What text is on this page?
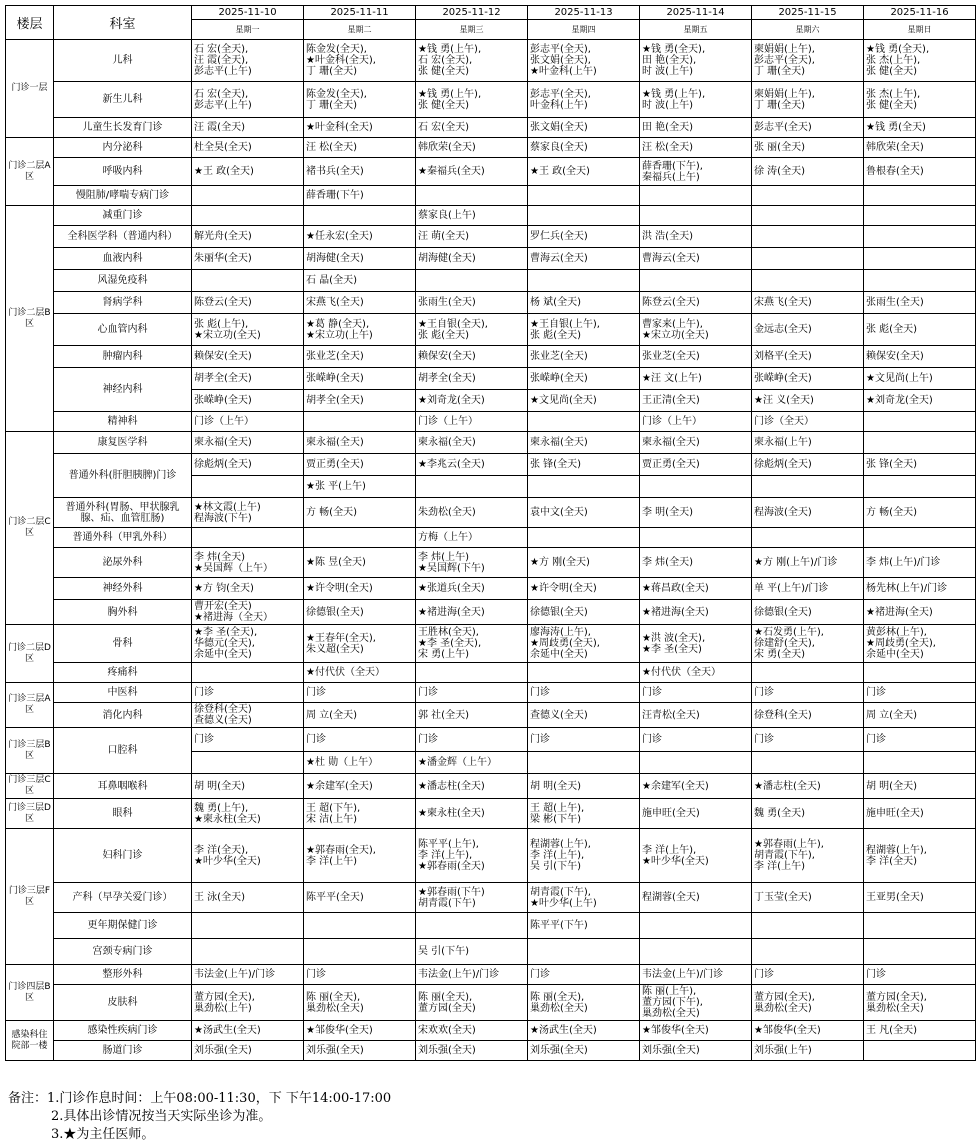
楼层	科室	2025-11-10	2025-11-11	2025-11-12	2025-11-13	2025-11-14	2025-11-15	2025-11-16
		星期一	星期二	星期三	星期四	星期五	星期六	星期日
门诊一层	儿科	石 宏(全天),
汪 霞(全天),
彭志平(上午)	陈金发(全天),
★叶金科(全天),
丁 珊(全天)	★钱 勇(上午),
石 宏(全天),
张 健(全天)	彭志平(全天),
张文娟(全天),
★叶金科(上午)	★钱 勇(全天),
田 艳(全天),
时 波(上午)	柬娟娟(上午),
彭志平(全天),
丁 珊(全天)	★钱 勇(全天),
张 杰(上午),
张 健(全天)

	新生儿科	石 宏(全天),
彭志平(上午)	陈金发(全天),
丁 珊(全天)	★钱 勇(上午),
张 健(全天)	彭志平(全天),
叶金科(上午)	★钱 勇(上午),
时 波(上午)	柬娟娟(上午),
丁 珊(全天)	张 杰(上午),
张 健(全天)

	儿童生长发育门诊	汪 霞(全天)	★叶金科(全天)	石 宏(全天)	张文娟(全天)	田 艳(全天)	彭志平(全天)	★钱 勇(全天)

门诊二层A区	内分泌科	杜全昊(全天)	汪 松(全天)	韩欣荣(全天)	蔡家良(全天)	汪 松(全天)	张 丽(全天)	韩欣荣(全天)

	呼吸内科	★王 政(全天)	褚书兵(全天)	★秦福兵(全天)	★王 政(全天)	薛香珊(下午),
秦福兵(上午)	徐 涛(全天)	鲁根春(全天)

	慢阻肺/哮喘专病门诊		薛香珊(下午)					

门诊二层B区	减重门诊			蔡家良(上午)				

	全科医学科（普通内科）	解光舟(全天)	★任永宏(全天)	汪 萌(全天)	罗仁兵(全天)	洪 浩(全天)		

	血液内科	朱丽华(全天)	胡海健(全天)	胡海健(全天)	曹海云(全天)	曹海云(全天)		

	风湿免疫科		石 晶(全天)					

	肾病学科	陈登云(全天)	宋燕飞(全天)	张雨生(全天)	杨 斌(全天)	陈登云(全天)	宋燕飞(全天)	张雨生(全天)

	心血管内科	张 彪(上午),
★宋立功(全天)	★葛 静(全天),
★宋立功(上午)	★王自银(全天),
张 彪(全天)	★王自银(上午),
张 彪(全天)	曹家来(上午),
★宋立功(全天)	金远志(全天)	张 彪(全天)

	肿瘤内科	赖保安(全天)	张业芝(全天)	赖保安(全天)	张业芝(全天)	张业芝(全天)	刘格平(全天)	赖保安(全天)

	神经内科	胡孝全(全天)	张嵘峥(全天)	胡孝全(全天)	张嵘峥(全天)	★汪 文(上午)	张嵘峥(全天)	★文见尚(上午)

		张嵘峥(全天)	胡孝全(全天)	★刘奇龙(全天)	★文见尚(全天)	王正清(全天)	★汪 义(全天)	★刘奇龙(全天)

	精神科	门诊（上午）		门诊（上午）		门诊（上午）	门诊（全天）	

门诊二层C区	康复医学科	柬永福(全天)	柬永福(全天)	柬永福(全天)	柬永福(全天)	柬永福(全天)	柬永福(上午)	

	普通外科(肝胆胰脾)门诊	徐彪炳(全天)	贾正勇(全天)	★李兆云(全天)	张 锋(全天)	贾正勇(全天)	徐彪炳(全天)	张 锋(全天)

			★张 平(上午)					

	普通外科(胃肠、甲状腺乳腺、疝、血管肛肠)	★林文霞(上午)
程海波(下午)	方 畅(全天)	朱劲松(全天)	袁中文(全天)	李 明(全天)	程海波(全天)	方 畅(全天)

	普通外科（甲乳外科）			方梅（上午）				

	泌尿外科	李 炜(全天)
★吴国辉（上午）	★陈 昱(全天)	李 炜(上午)
★吴国辉(下午)	★方 刚(全天)	李 炜(全天)	★方 刚(上午)/门诊	李 炜(上午)/门诊

	神经外科	★方 钧(全天)	★许令明(全天)	★张道兵(全天)	★许令明(全天)	★蒋昌政(全天)	单 平(上午)/门诊	杨先林(上午)/门诊

	胸外科	曹开宏(全天)
★褚进海（全天）	徐德银(全天)	★褚进海(全天)	徐德银(全天)	★褚进海(全天)	徐德银(全天)	★褚进海(全天)

门诊二层D区	骨科	★李 圣(全天),
华德元(全天),
余延中(全天)	★王春年(全天),
朱义超(全天)	王胜林(全天),
★李 圣(全天),
宋 勇(上午)	廖海涛(上午),
★周歧勇(全天),
余延中(全天)	★洪 波(全天),
★李 圣(全天)	★石发勇(上午),
徐建舒(全天),
宋 勇(全天)	黄彭林(上午),
★周歧勇(全天),
余延中(全天)

	疼痛科		★付代伏（全天）			★付代伏（全天）		

门诊三层A区	中医科	门诊	门诊	门诊	门诊	门诊	门诊	门诊

	消化内科	徐登科(全天)
查德义(全天)	周 立(全天)	郭 社(全天)	查德义(全天)	汪青松(全天)	徐登科(全天)	周 立(全天)

门诊三层B区	口腔科	门诊	门诊	门诊	门诊	门诊	门诊	门诊

			★杜 勋（上午）	★潘金辉（上午）				

门诊三层C区	耳鼻咽喉科	胡 明(全天)	★余建军(全天)	★潘志柱(全天)	胡 明(全天)	★余建军(全天)	★潘志柱(全天)	胡 明(全天)

门诊三层D区	眼科	魏 勇(上午),
★柬永柱(全天)	王 超(下午),
宋 洁(上午)	★柬永柱(全天)	王 超(上午),
梁 彬(下午)	施申旺(全天)	魏 勇(全天)	施申旺(全天)

门诊三层F区	妇科门诊	李 洋(全天),
★叶少华(全天)	★郭春雨(全天),
李 洋(上午)	陈平平(上午),
李 洋(上午),
★郭春雨(全天)	程湖蓉(上午),
李 洋(上午),
吴 引(下午)	李 洋(上午),
★叶少华(全天)	★郭春雨(上午),
胡青霞(下午),
李 洋(上午)	程湖蓉(上午),
李 洋(全天)

	产科（早孕关爱门诊）	王 泳(全天)	陈平平(全天)	★郭春雨(下午)
胡青霞(下午)	胡青霞(下午),
★叶少华(上午)	程湖蓉(全天)	丁玉莹(全天)	王亚男(全天)

	更年期保健门诊				陈平平(下午)			

	宫颈专病门诊			吴 引(下午)				

门诊四层B区	整形外科	韦法金(上午)/门诊	门诊	韦法金(上午)/门诊	门诊	韦法金(上午)/门诊	门诊	门诊

	皮肤科	董方园(全天),
巢劲松(上午)	陈 丽(全天),
巢劲松(全天)	陈 丽(全天),
董方园(全天)	陈 丽(全天),
巢劲松(全天)	陈 丽(上午),
董方园(下午),
巢劲松(全天)	董方园(全天),
巢劲松(全天)	董方园(全天),
巢劲松(全天)

感染科住院部一楼	感染性疾病门诊	★汤武生(全天)	★邹俊华(全天)	宋欢欢(全天)	★汤武生(全天)	★邹俊华(全天)	★邹俊华(全天)	王 凡(全天)

	肠道门诊	刘乐强(全天)	刘乐强(全天)	刘乐强(全天)	刘乐强(全天)	刘乐强(全天)	刘乐强(上午)	

备注：1.门诊作息时间：上午08:00-11:30，下 下午14:00-17:00
2.具体出诊情况按当天实际坐诊为准。
3.★为主任医师。
